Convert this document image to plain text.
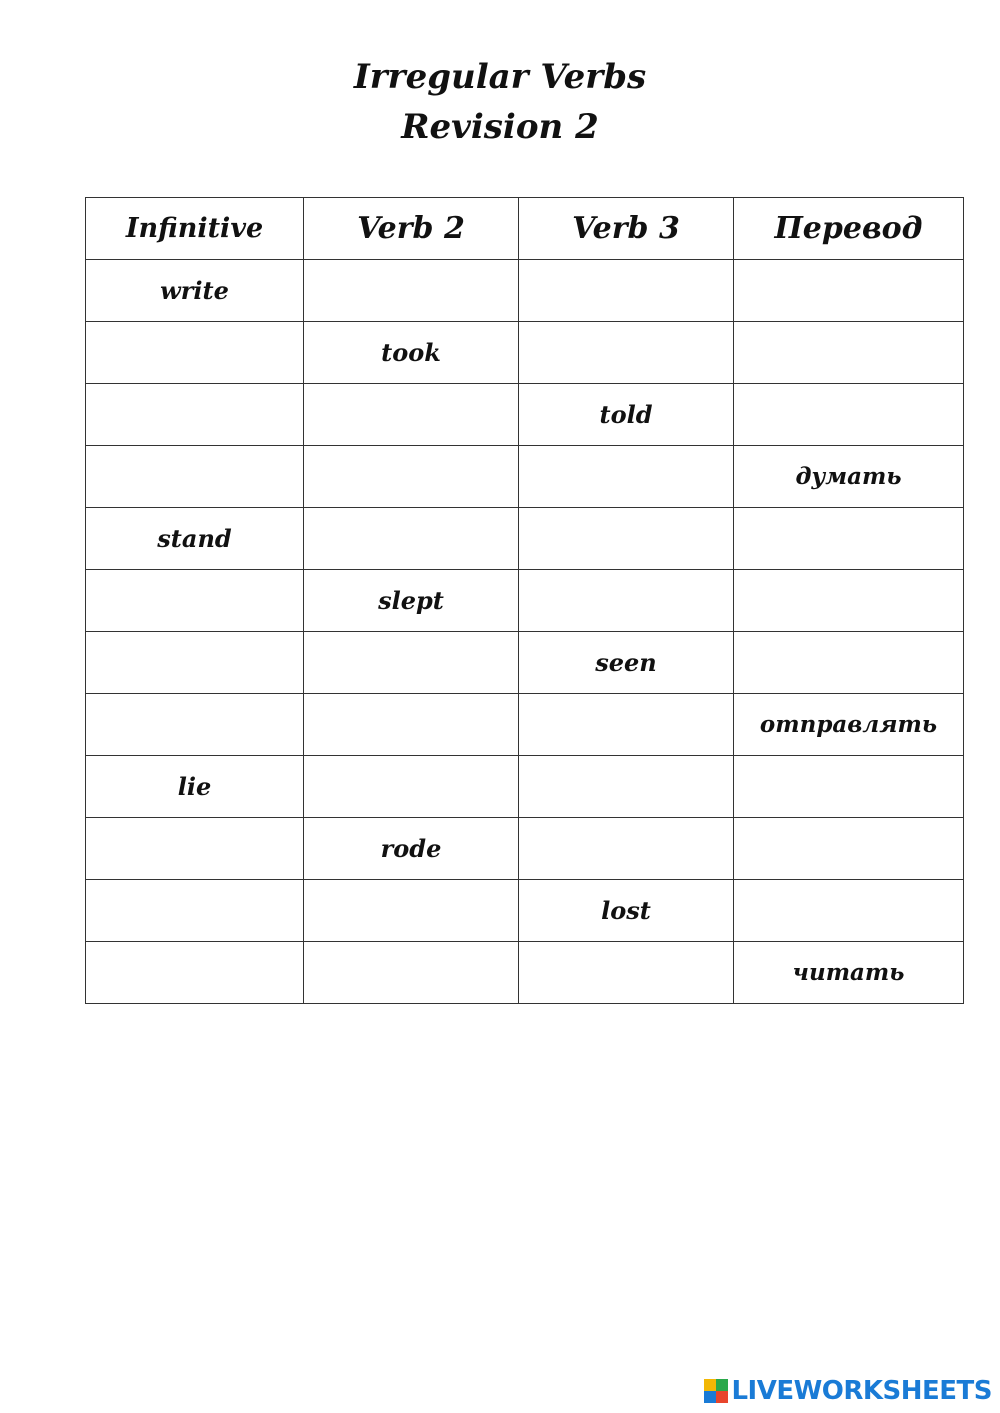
Irregular Verbs

Revision 2

Infinitive	Verb 2	Verb 3	Перевод
write			
	took		
		told	
			думать
stand			
	slept		
		seen	
			отправлять
lie			
	rode		
		lost	
			читать
LIVEWORKSHEETS
